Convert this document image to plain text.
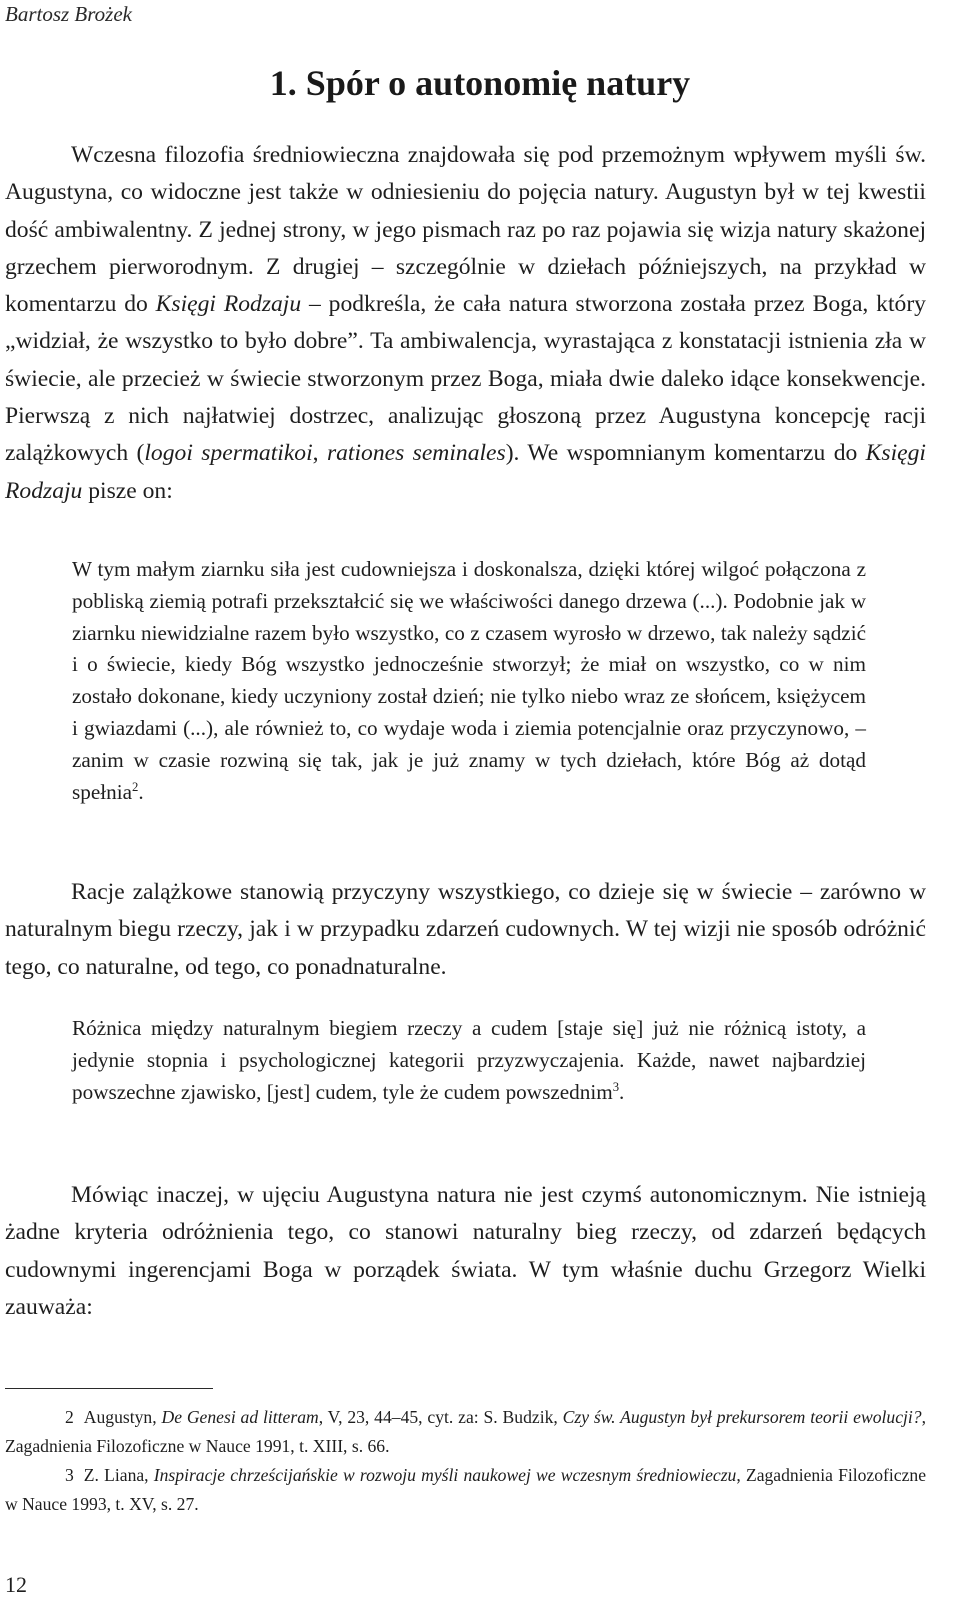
Bartosz Brożek
1. Spór o autonomię natury

Wczesna filozofia średniowieczna znajdowała się pod przemożnym wpływem myśli św. Augustyna, co widoczne jest także w odniesieniu do pojęcia natury. Augustyn był w tej kwestii dość ambiwalentny. Z jednej strony, w jego pismach raz po raz pojawia się wizja natury skażonej grzechem pierworodnym. Z drugiej – szczególnie w dziełach późniejszych, na przykład w komentarzu do Księgi Rodzaju – podkreśla, że cała natura stworzona została przez Boga, który „widział, że wszystko to było dobre”. Ta ambiwalencja, wyrastająca z konstatacji istnienia zła w świecie, ale przecież w świecie stworzonym przez Boga, miała dwie daleko idące konsekwencje. Pierwszą z nich najłatwiej dostrzec, analizując głoszoną przez Augustyna koncepcję racji zalążkowych (logoi spermatikoi, rationes seminales). We wspomnianym komentarzu do Księgi Rodzaju pisze on:

W tym małym ziarnku siła jest cudowniejsza i doskonalsza, dzięki której wilgoć połączona z pobliską ziemią potrafi przekształcić się we właściwości danego drzewa (...). Podobnie jak w ziarnku niewidzialne razem było wszystko, co z czasem wyrosło w drzewo, tak należy sądzić i o świecie, kiedy Bóg wszystko jednocześnie stworzył; że miał on wszystko, co w nim zostało dokonane, kiedy uczyniony został dzień; nie tylko niebo wraz ze słońcem, księżycem i gwiazdami (...), ale również to, co wydaje woda i ziemia potencjalnie oraz przyczynowo, – zanim w czasie rozwiną się tak, jak je już znamy w tych dziełach, które Bóg aż dotąd spełnia$^2$.

Racje zalążkowe stanowią przyczyny wszystkiego, co dzieje się w świecie – zarówno w naturalnym biegu rzeczy, jak i w przypadku zdarzeń cudownych. W tej wizji nie sposób odróżnić tego, co naturalne, od tego, co ponadnaturalne.

Różnica między naturalnym biegiem rzeczy a cudem [staje się] już nie różnicą istoty, a jedynie stopnia i psychologicznej kategorii przyzwyczajenia. Każde, nawet najbardziej powszechne zjawisko, [jest] cudem, tyle że cudem powszednim$^3$.

Mówiąc inaczej, w ujęciu Augustyna natura nie jest czymś autonomicznym. Nie istnieją żadne kryteria odróżnienia tego, co stanowi naturalny bieg rzeczy, od zdarzeń będących cudownymi ingerencjami Boga w porządek świata. W tym właśnie duchu Grzegorz Wielki zauważa:

2 Augustyn, De Genesi ad litteram, V, 23, 44–45, cyt. za: S. Budzik, Czy św. Augustyn był prekursorem teorii ewolucji?, Zagadnienia Filozoficzne w Nauce 1991, t. XIII, s. 66.

3 Z. Liana, Inspiracje chrześcijańskie w rozwoju myśli naukowej we wczesnym średniowieczu, Zagadnienia Filozoficzne w Nauce 1993, t. XV, s. 27.

12
